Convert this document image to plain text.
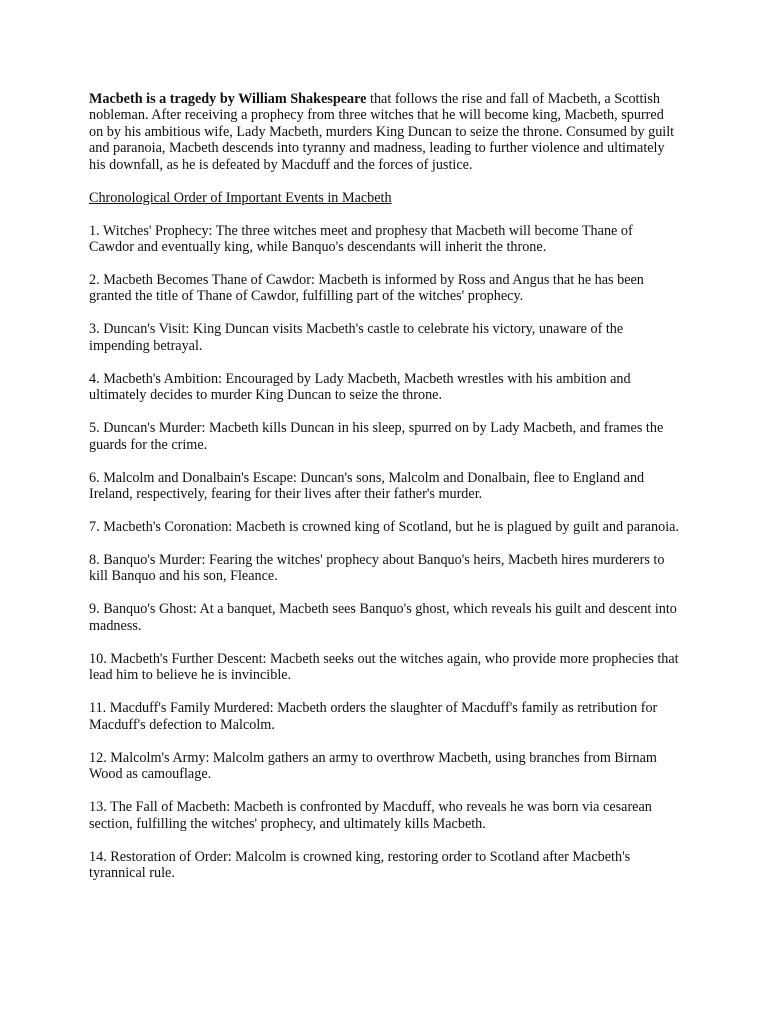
Macbeth is a tragedy by William Shakespeare that follows the rise and fall of Macbeth, a Scottish nobleman. After receiving a prophecy from three witches that he will become king, Macbeth, spurred on by his ambitious wife, Lady Macbeth, murders King Duncan to seize the throne. Consumed by guilt and paranoia, Macbeth descends into tyranny and madness, leading to further violence and ultimately his downfall, as he is defeated by Macduff and the forces of justice.

Chronological Order of Important Events in Macbeth

1. Witches' Prophecy: The three witches meet and prophesy that Macbeth will become Thane of Cawdor and eventually king, while Banquo's descendants will inherit the throne.

2. Macbeth Becomes Thane of Cawdor: Macbeth is informed by Ross and Angus that he has been granted the title of Thane of Cawdor, fulfilling part of the witches' prophecy.

3. Duncan's Visit: King Duncan visits Macbeth's castle to celebrate his victory, unaware of the impending betrayal.

4. Macbeth's Ambition: Encouraged by Lady Macbeth, Macbeth wrestles with his ambition and ultimately decides to murder King Duncan to seize the throne.

5. Duncan's Murder: Macbeth kills Duncan in his sleep, spurred on by Lady Macbeth, and frames the guards for the crime.

6. Malcolm and Donalbain's Escape: Duncan's sons, Malcolm and Donalbain, flee to England and Ireland, respectively, fearing for their lives after their father's murder.

7. Macbeth's Coronation: Macbeth is crowned king of Scotland, but he is plagued by guilt and paranoia.

8. Banquo's Murder: Fearing the witches' prophecy about Banquo's heirs, Macbeth hires murderers to kill Banquo and his son, Fleance.

9. Banquo's Ghost: At a banquet, Macbeth sees Banquo's ghost, which reveals his guilt and descent into madness.

10. Macbeth's Further Descent: Macbeth seeks out the witches again, who provide more prophecies that lead him to believe he is invincible.

11. Macduff's Family Murdered: Macbeth orders the slaughter of Macduff's family as retribution for Macduff's defection to Malcolm.

12. Malcolm's Army: Malcolm gathers an army to overthrow Macbeth, using branches from Birnam Wood as camouflage.

13. The Fall of Macbeth: Macbeth is confronted by Macduff, who reveals he was born via cesarean section, fulfilling the witches' prophecy, and ultimately kills Macbeth.

14. Restoration of Order: Malcolm is crowned king, restoring order to Scotland after Macbeth's tyrannical rule.
